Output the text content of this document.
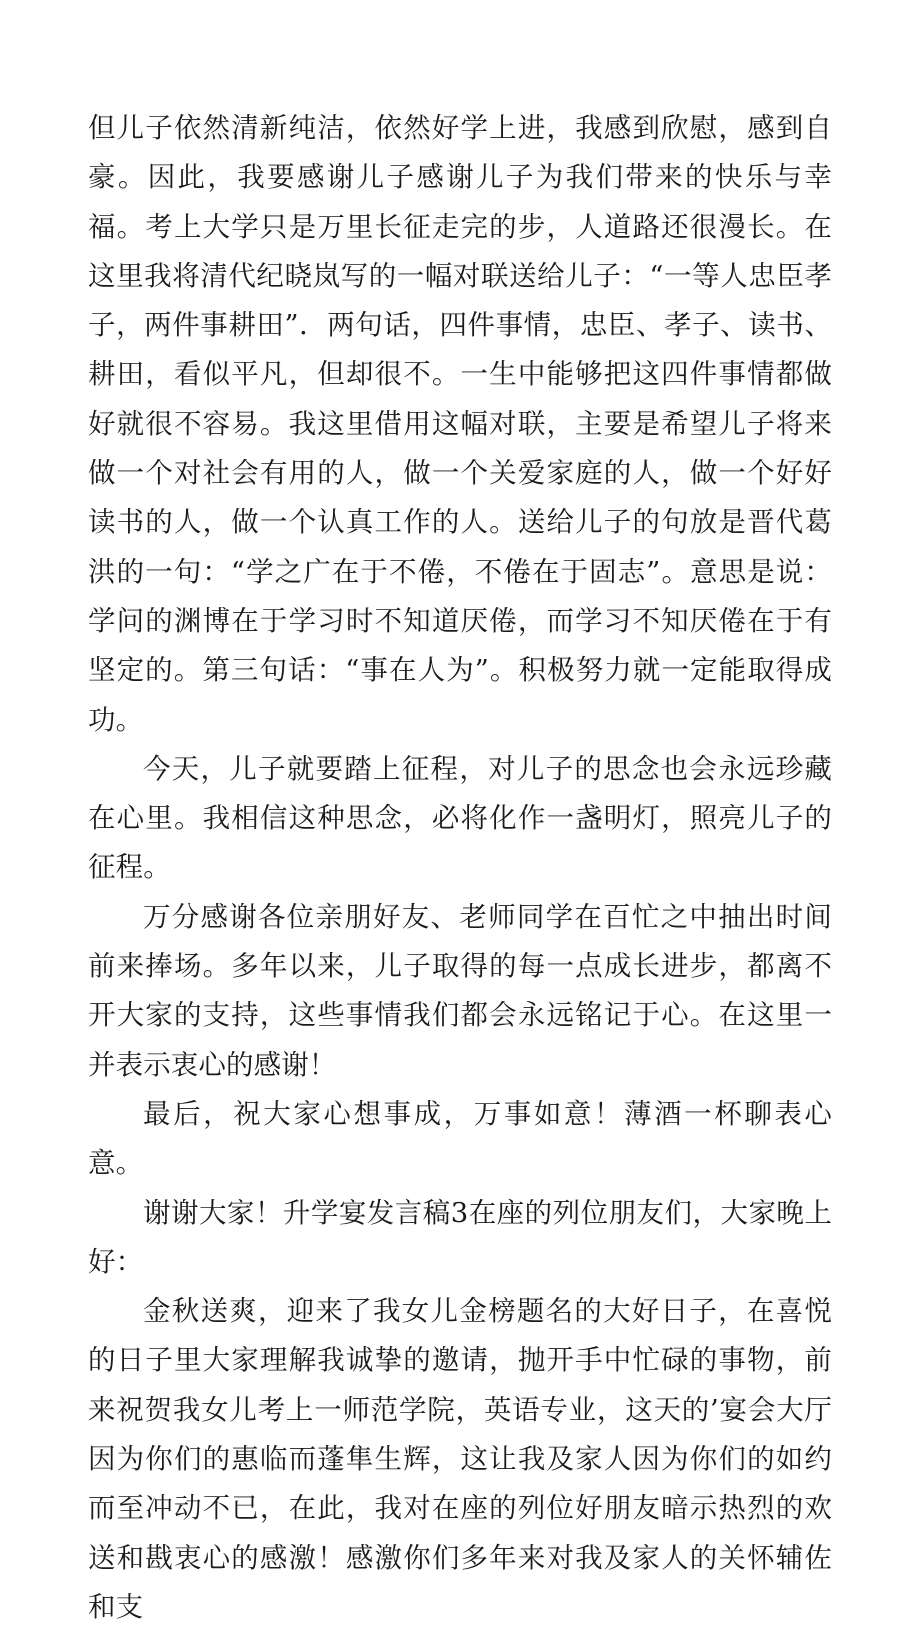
但儿子依然清新纯洁，依然好学上进，我感到欣慰，感到自豪。因此，我要感谢儿子感谢儿子为我们带来的快乐与幸福。考上大学只是万里长征走完的步，人道路还很漫长。在这里我将清代纪晓岚写的一幅对联送给儿子：“一等人忠臣孝子，两件事耕田”．两句话，四件事情，忠臣、孝子、读书、耕田，看似平凡，但却很不。一生中能够把这四件事情都做好就很不容易。我这里借用这幅对联，主要是希望儿子将来做一个对社会有用的人，做一个关爱家庭的人，做一个好好读书的人，做一个认真工作的人。送给儿子的句放是晋代葛洪的一句：“学之广在于不倦，不倦在于固志”。意思是说：学问的渊博在于学习时不知道厌倦，而学习不知厌倦在于有坚定的。第三句话：“事在人为”。积极努力就一定能取得成功。

今天，儿子就要踏上征程，对儿子的思念也会永远珍藏在心里。我相信这种思念，必将化作一盏明灯，照亮儿子的征程。

万分感谢各位亲朋好友、老师同学在百忙之中抽出时间前来捧场。多年以来，儿子取得的每一点成长进步，都离不开大家的支持，这些事情我们都会永远铭记于心。在这里一并表示衷心的感谢！

最后，祝大家心想事成，万事如意！薄酒一杯聊表心意。

谢谢大家！升学宴发言稿3在座的列位朋友们，大家晚上好：

金秋送爽，迎来了我女儿金榜题名的大好日子，在喜悦的日子里大家理解我诚挚的邀请，抛开手中忙碌的事物，前来祝贺我女儿考上一师范学院，英语专业，这天的’宴会大厅因为你们的惠临而蓬隼生辉，这让我及家人因为你们的如约而至冲动不已，在此，我对在座的列位好朋友暗示热烈的欢送和戡衷心的感激！感激你们多年来对我及家人的关怀辅佐和支
